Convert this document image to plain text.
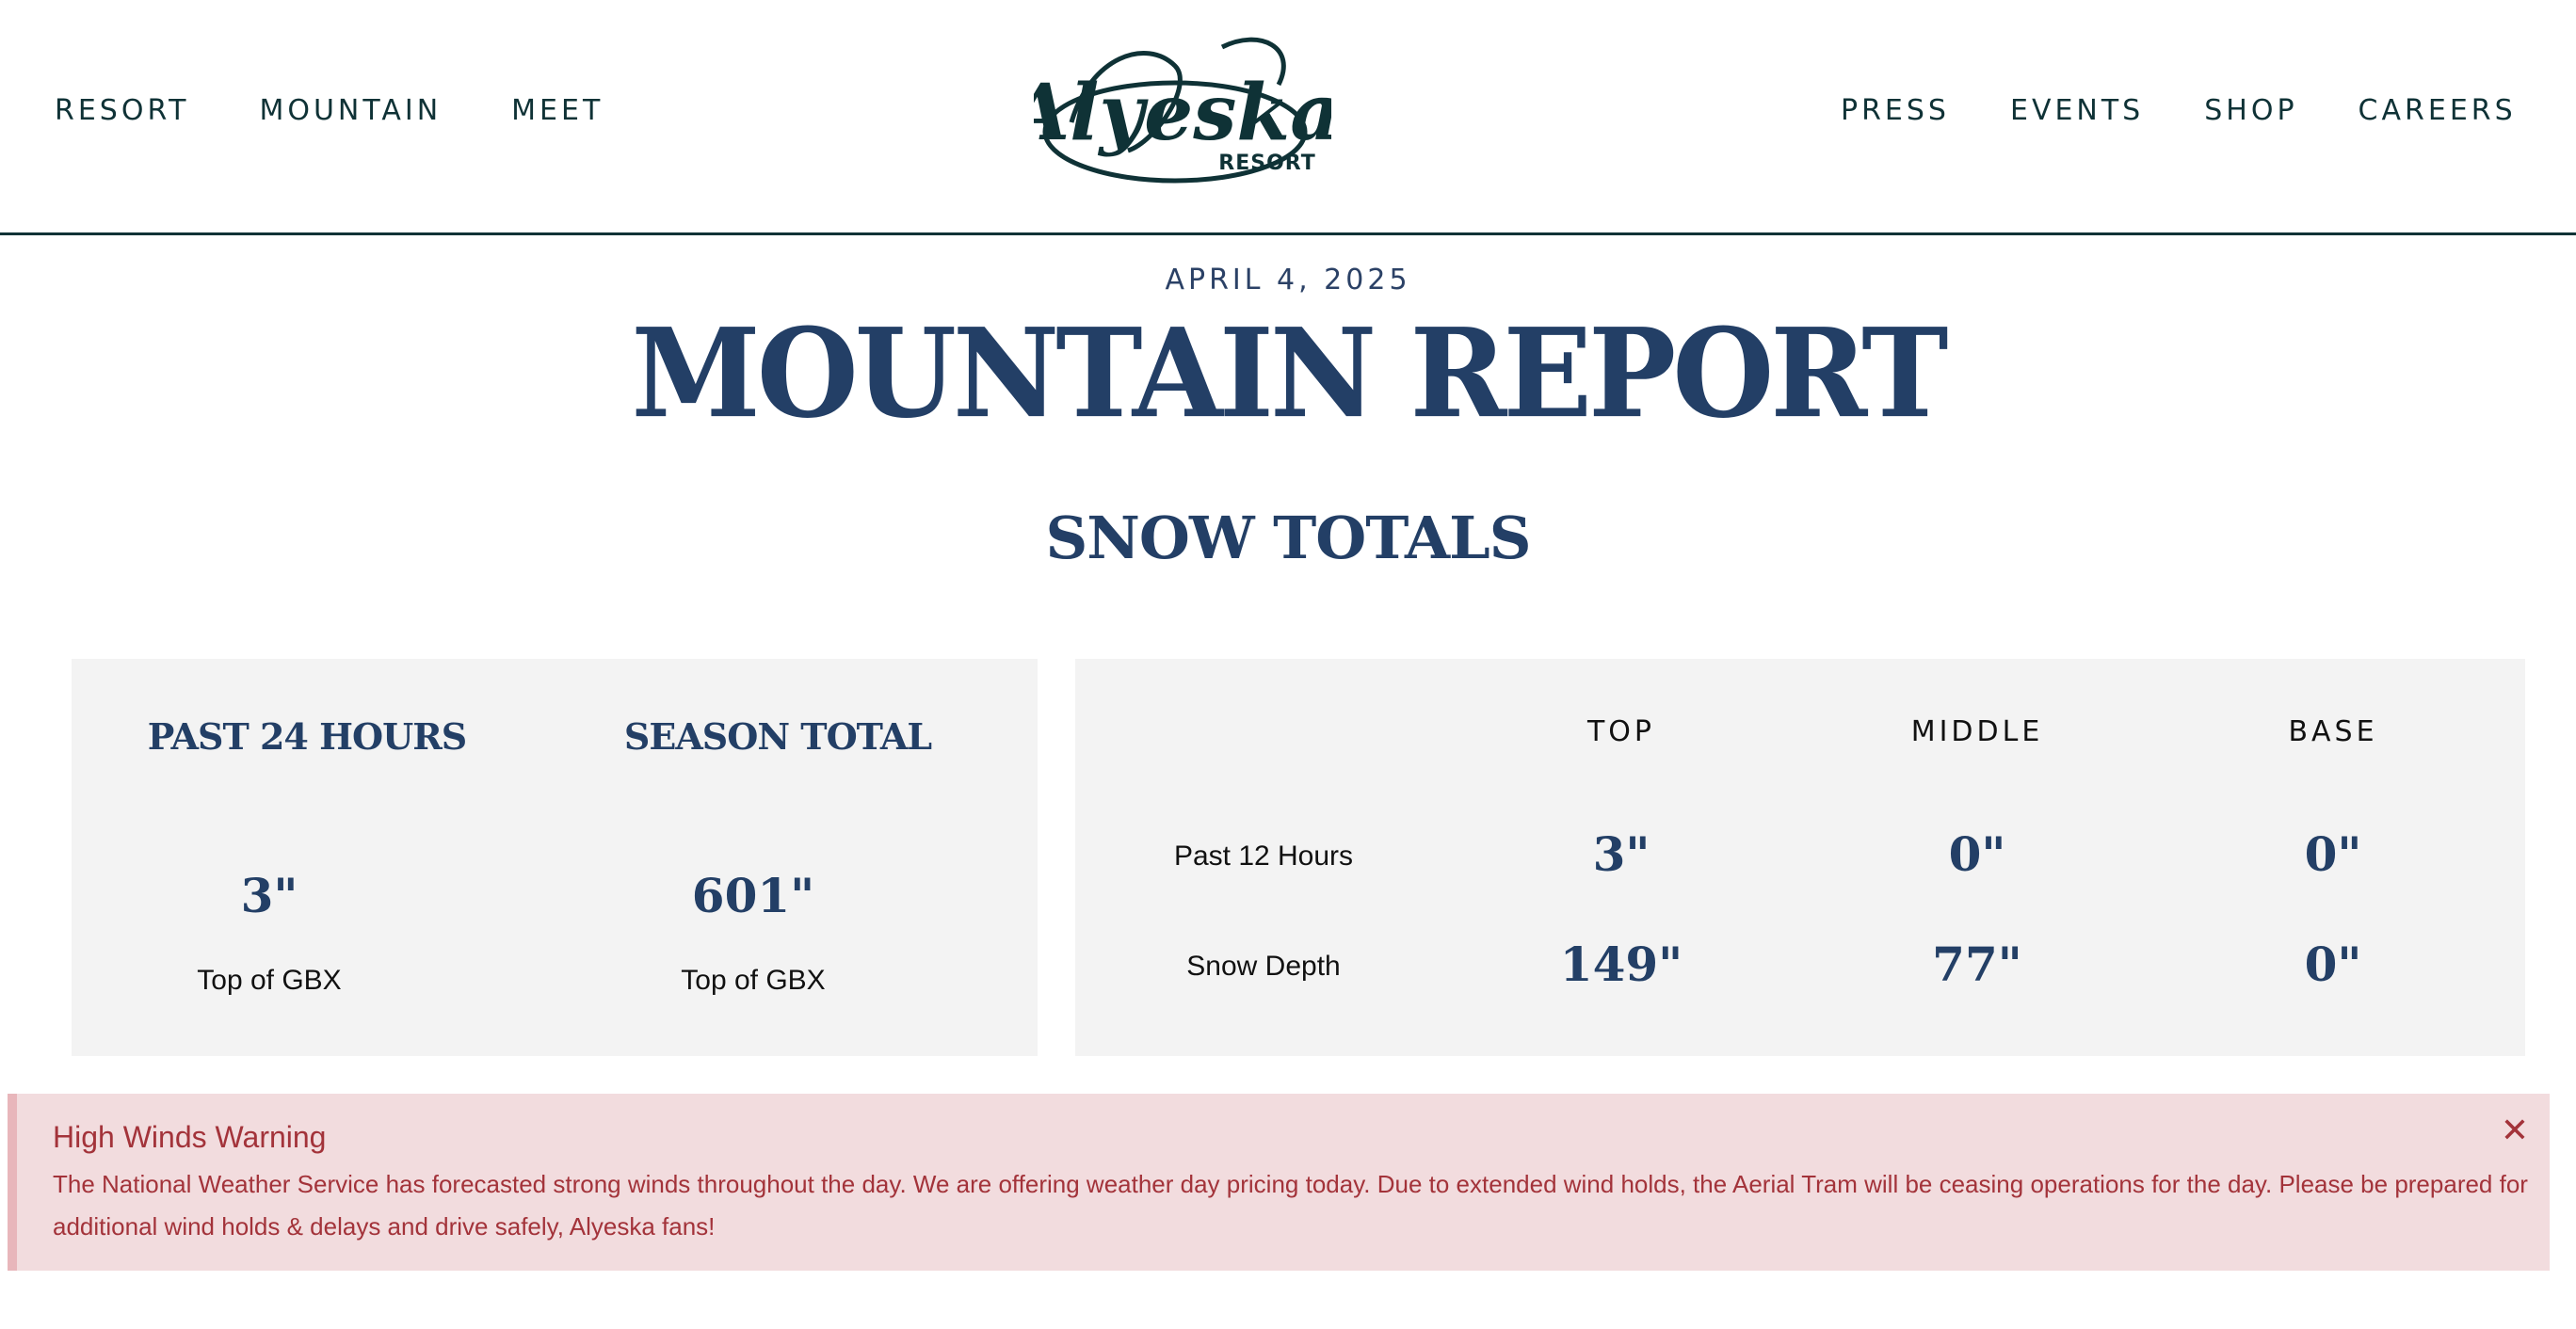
RESORT MOUNTAIN MEET	Alyeska
RESORT
PRESS EVENTS SHOP CAREERS
APRIL 4, 2025
MOUNTAIN REPORT
SNOW TOTALS
PAST 24 HOURS
3"
Top of GBX
SEASON TOTAL
601"
Top of GBX
TOP	MIDDLE	BASE
Past 12 Hours	3"	0"	0"
Snow Depth	149"	77"	0"
High Winds Warning	✕
The National Weather Service has forecasted strong winds throughout the day. We are offering weather day pricing today. Due to extended wind holds, the Aerial Tram will be ceasing operations for the day. Please be prepared for additional wind holds & delays and drive safely, Alyeska fans!
